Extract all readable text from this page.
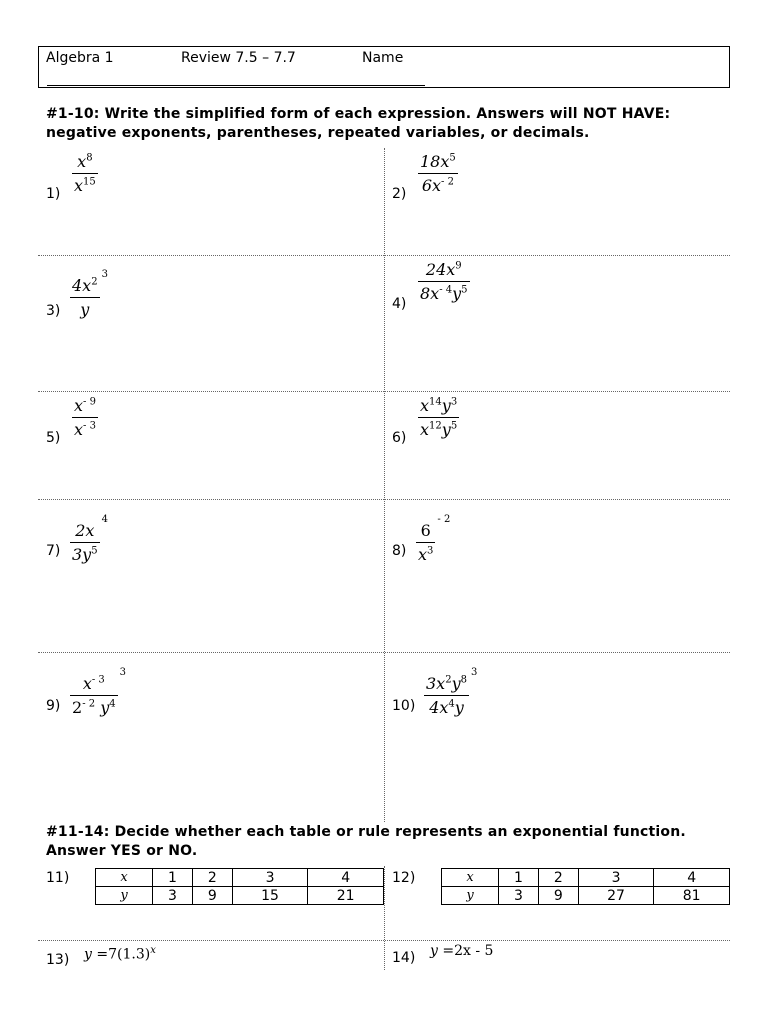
Algebra 1	Review 7.5 – 7.7	Name
#1-10: Write the simplified form of each expression. Answers will NOT HAVE:
negative exponents, parentheses, repeated variables, or decimals.
$1) \frac{x^8}{x^{15}}$	$2) \frac{18x^5}{6x^{- 2}}$
$3) \frac{4x^2}{y}$
$^3$
4)
$\frac{24x^9}{8x^{- 4}y^5}$
$5) \frac{x^{- 9}}{x^{- 3}}$	$6) \frac{x^{14}y^3}{x^{12}y^5}$
$7) \frac{2x}{3y^5}$
$^4$
$8) \frac{6}{x^3}$
$^{- 2}$
$9) \frac{x^{- 3}}{2^{- 2} y^4}$
$^3$
$10) \frac{3x^2y^8}{4x^4y}$
$^3$
#11-14: Decide whether each table or rule represents an exponential function.
Answer YES or NO.
11)	x	1	2	3	4
y	3	9	15	21
12)	x	1	2	3	4
y	3	9	27	81
13) $y =7(1.3)^x$	14) y =2x - 5
